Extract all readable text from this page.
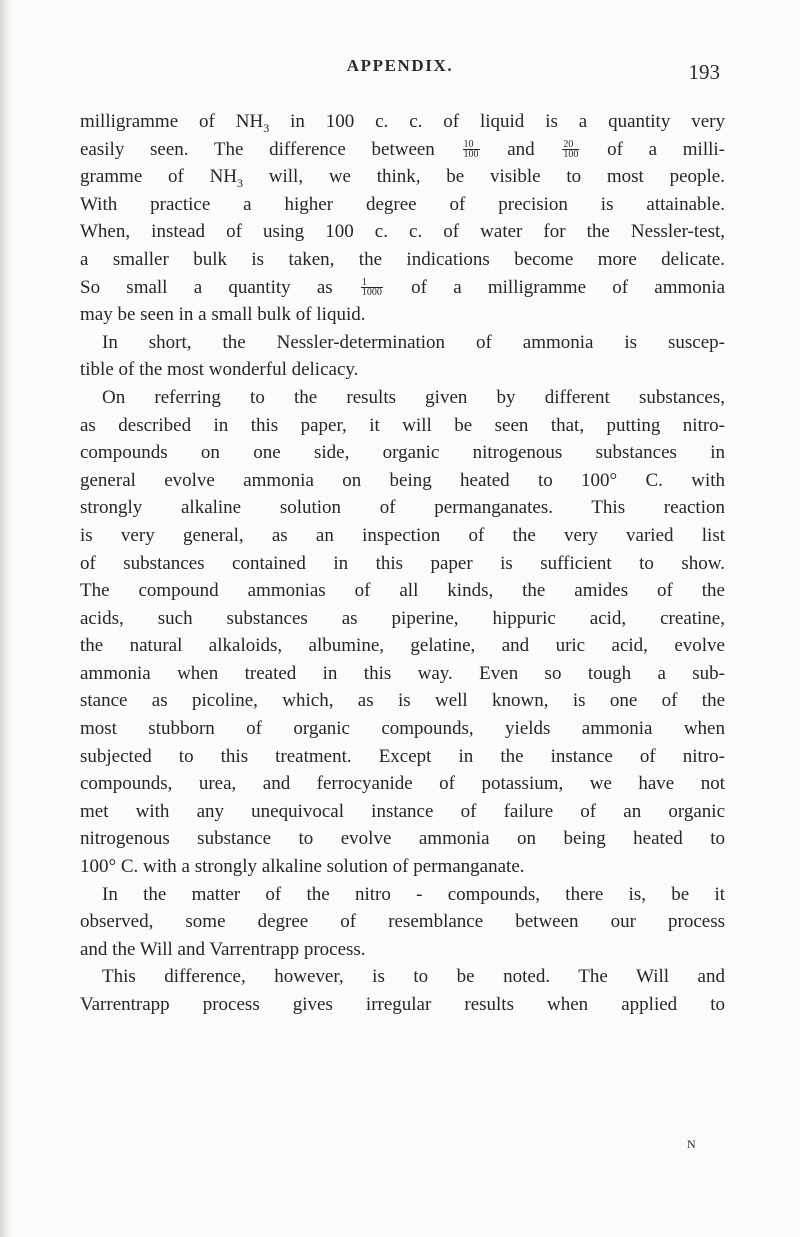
APPENDIX.	193

milligramme of $NH_3$ in 100 c. c. of liquid is a quantity very

easily seen. The difference between $\frac{10}{100}$ and $\frac{20}{100}$ of a milli-

gramme of $NH_3$ will, we think, be visible to most people.

With practice a higher degree of precision is attainable.

When, instead of using 100 c. c. of water for the Nessler-test,

a smaller bulk is taken, the indications become more delicate.

So small a quantity as $\frac{1}{1000}$ of a milligramme of ammonia

may be seen in a small bulk of liquid.

In short, the Nessler-determination of ammonia is suscep-

tible of the most wonderful delicacy.

On referring to the results given by different substances,

as described in this paper, it will be seen that, putting nitro-

compounds on one side, organic nitrogenous substances in

general evolve ammonia on being heated to 100° C. with

strongly alkaline solution of permanganates. This reaction

is very general, as an inspection of the very varied list

of substances contained in this paper is sufficient to show.

The compound ammonias of all kinds, the amides of the

acids, such substances as piperine, hippuric acid, creatine,

the natural alkaloids, albumine, gelatine, and uric acid, evolve

ammonia when treated in this way. Even so tough a sub-

stance as picoline, which, as is well known, is one of the

most stubborn of organic compounds, yields ammonia when

subjected to this treatment. Except in the instance of nitro-

compounds, urea, and ferrocyanide of potassium, we have not

met with any unequivocal instance of failure of an organic

nitrogenous substance to evolve ammonia on being heated to

100° C. with a strongly alkaline solution of permanganate.

In the matter of the nitro - compounds, there is, be it

observed, some degree of resemblance between our process

and the Will and Varrentrapp process.

This difference, however, is to be noted. The Will and

Varrentrapp process gives irregular results when applied to

N
